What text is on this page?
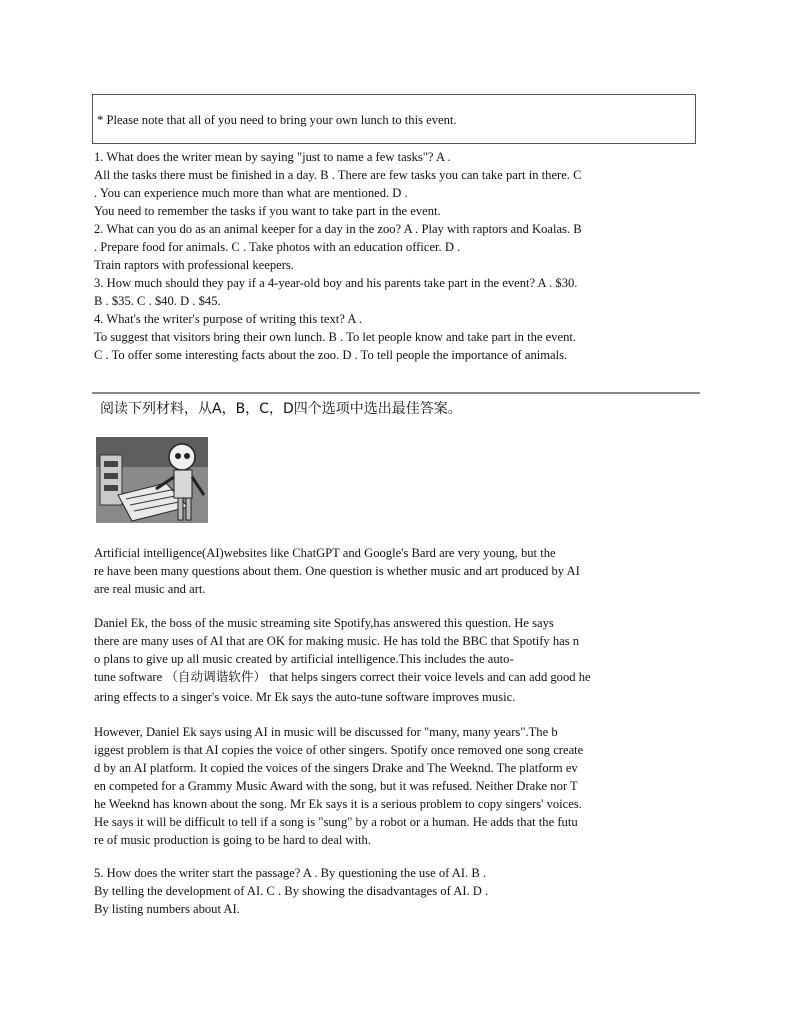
* Please note that all of you need to bring your own lunch to this event.
1. What does the writer mean by saying "just to name a few tasks"? A .
All the tasks there must be finished in a day. B . There are few tasks you can take part in there. C
. You can experience much more than what are mentioned. D .
You need to remember the tasks if you want to take part in the event.
2. What can you do as an animal keeper for a day in the zoo? A . Play with raptors and Koalas. B
. Prepare food for animals. C . Take photos with an education officer. D .
Train raptors with professional keepers.
3. How much should they pay if a 4-year-old boy and his parents take part in the event? A . $30.
B . $35. C . $40. D . $45.
4. What's the writer's purpose of writing this text? A .
To suggest that visitors bring their own lunch. B . To let people know and take part in the event.
C . To offer some interesting facts about the zoo. D . To tell people the importance of animals.
阅读下列材料，从A，B，C，D四个选项中选出最佳答案。
Artificial intelligence(AI)websites like ChatGPT and Google's Bard are very young, but the
re have been many questions about them. One question is whether music and art produced by AI
are real music and art.
Daniel Ek, the boss of the music streaming site Spotify,has answered this question. He says
there are many uses of AI that are OK for making music. He has told the BBC that Spotify has n
o plans to give up all music created by artificial intelligence.This includes the auto-
tune software （自动调谐软件） that helps singers correct their voice levels and can add good he
aring effects to a singer's voice. Mr Ek says the auto-tune software improves music.
However, Daniel Ek says using AI in music will be discussed for "many, many years".The b
iggest problem is that AI copies the voice of other singers. Spotify once removed one song create
d by an AI platform. It copied the voices of the singers Drake and The Weeknd. The platform ev
en competed for a Grammy Music Award with the song, but it was refused. Neither Drake nor T
he Weeknd has known about the song. Mr Ek says it is a serious problem to copy singers' voices.
He says it will be difficult to tell if a song is "sung" by a robot or a human. He adds that the futu
re of music production is going to be hard to deal with.
5. How does the writer start the passage? A . By questioning the use of AI. B .
By telling the development of AI. C . By showing the disadvantages of AI. D .
By listing numbers about AI.
